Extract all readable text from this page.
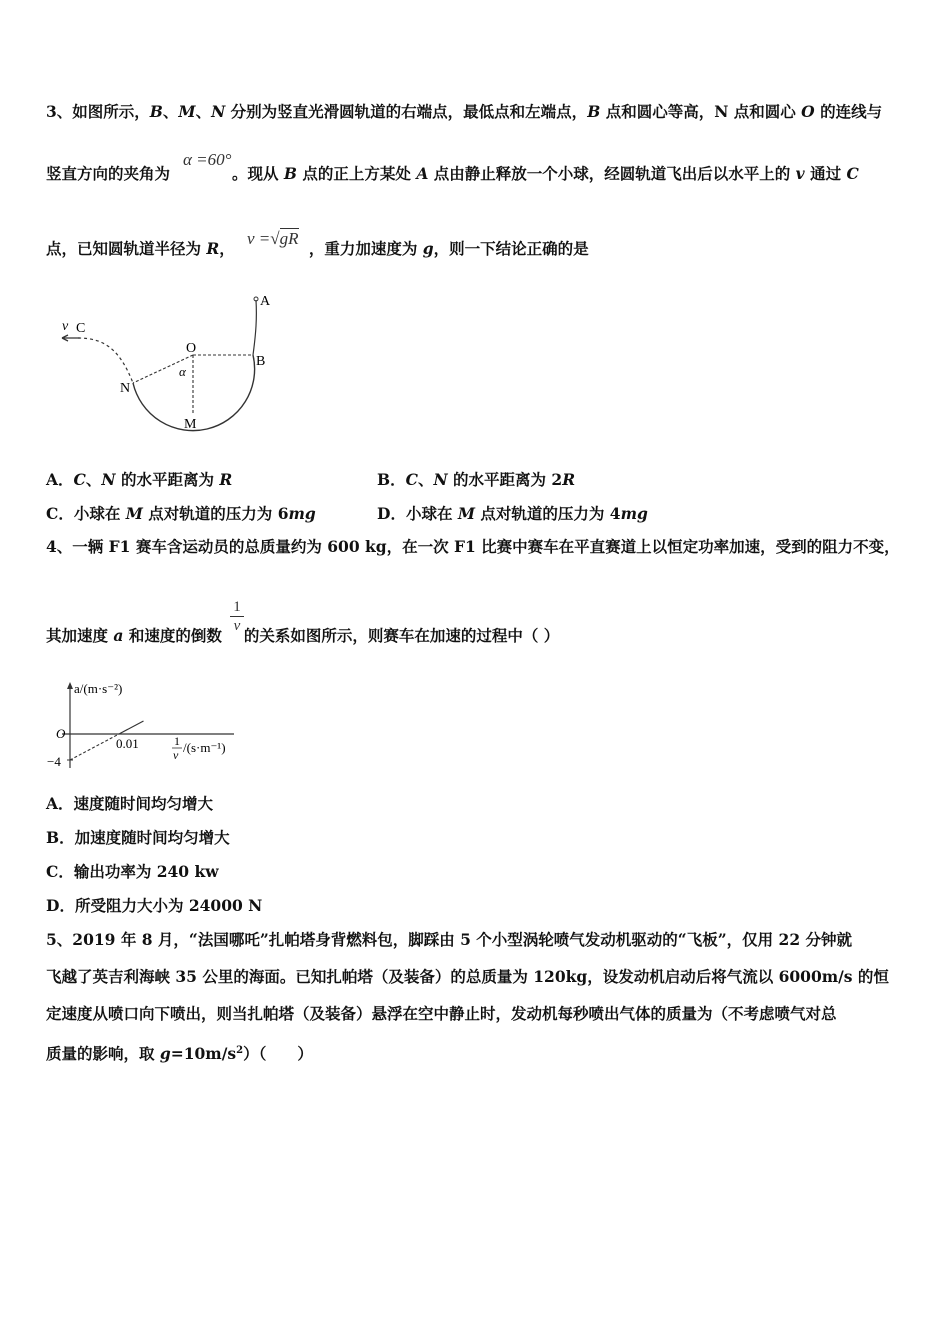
3、如图所示，B、M、N 分别为竖直光滑圆轨道的右端点，最低点和左端点，B 点和圆心等高，N 点和圆心 O 的连线与
竖直方向的夹角为	。现从 B 点的正上方某处 A 点由静止释放一个小球，经圆轨道飞出后以水平上的 v 通过 C
α =60°
点，已知圆轨道半径为 R，	，重力加速度为 g，则一下结论正确的是
v =√gR
v C
A
O
B
N
α
M
A．C、N 的水平距离为 R	B．C、N 的水平距离为 2R
C．小球在 M 点对轨道的压力为 6mg	D．小球在 M 点对轨道的压力为 4mg
4、一辆 F1 赛车含运动员的总质量约为 600 kg，在一次 F1 比赛中赛车在平直赛道上以恒定功率加速，受到的阻力不变，
其加速度 a 和速度的倒数 的关系如图所示，则赛车在加速的过程中（ ）
1
v
a/(m·s⁻²)
O
−4
0.01	1
v /(s·m⁻¹)
A．速度随时间均匀增大
B．加速度随时间均匀增大
C．输出功率为 240 kw
D．所受阻力大小为 24000 N
5、2019 年 8 月，“法国哪吒”扎帕塔身背燃料包，脚踩由 5 个小型涡轮喷气发动机驱动的“飞板”，仅用 22 分钟就
飞越了英吉利海峡 35 公里的海面。已知扎帕塔（及装备）的总质量为 120kg，设发动机启动后将气流以 6000m/s 的恒
定速度从喷口向下喷出，则当扎帕塔（及装备）悬浮在空中静止时，发动机每秒喷出气体的质量为（不考虑喷气对总
质量的影响，取 $g=10m/s^2$）（　　）
